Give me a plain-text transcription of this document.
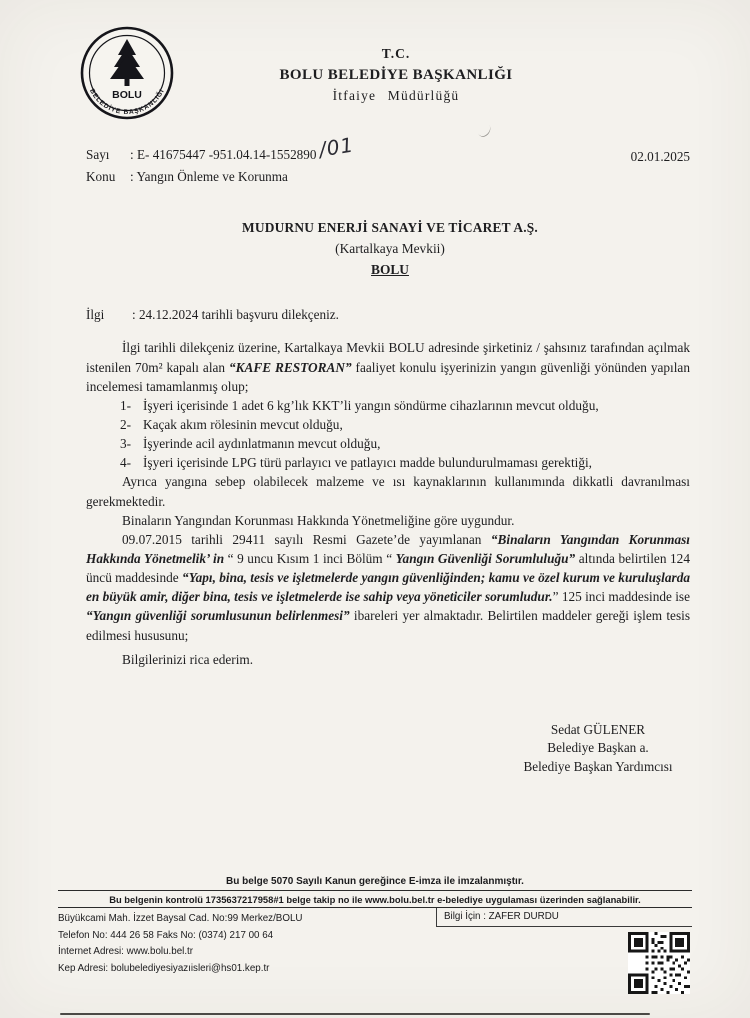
BOLU
BELEDİYE BAŞKANLIĞI
T.C.
BOLU BELEDİYE BAŞKANLIĞI
İtfaiye Müdürlüğü
02.01.2025
Sayı	: E- 41675447 -951.04.14-1552890 /01
Konu	: Yangın Önleme ve Korunma
MUDURNU ENERJİ SANAYİ VE TİCARET A.Ş.
(Kartalkaya Mevkii)
BOLU
İlgi	: 24.12.2024 tarihli başvuru dilekçeniz.

İlgi tarihli dilekçeniz üzerine, Kartalkaya Mevkii BOLU adresinde şirketiniz / şahsınız tarafından açılmak istenilen 70m² kapalı alan “KAFE RESTORAN” faaliyet konulu işyerinizin yangın güvenliği yönünden yapılan incelemesi tamamlanmış olup;

1- İşyeri içerisinde 1 adet 6 kg’lık KKT’li yangın söndürme cihazlarının mevcut olduğu,
2- Kaçak akım rölesinin mevcut olduğu,
3- İşyerinde acil aydınlatmanın mevcut olduğu,
4- İşyeri içerisinde LPG türü parlayıcı ve patlayıcı madde bulundurulmaması gerektiği,

Ayrıca yangına sebep olabilecek malzeme ve ısı kaynaklarının kullanımında dikkatli davranılması gerekmektedir.

Binaların Yangından Korunması Hakkında Yönetmeliğine göre uygundur.

09.07.2015 tarihli 29411 sayılı Resmi Gazete’de yayımlanan “Binaların Yangından Korunması Hakkında Yönetmelik’ in “ 9 uncu Kısım 1 inci Bölüm “ Yangın Güvenliği Sorumluluğu” altında belirtilen 124 üncü maddesinde “Yapı, bina, tesis ve işletmelerde yangın güvenliğinden; kamu ve özel kurum ve kuruluşlarda en büyük amir, diğer bina, tesis ve işletmelerde ise sahip veya yöneticiler sorumludur.” 125 inci maddesinde ise “Yangın güvenliği sorumlusunun belirlenmesi” ibareleri yer almaktadır. Belirtilen maddeler gereği işlem tesis edilmesi hususunu;

Bilgilerinizi rica ederim.

Sedat GÜLENER
Belediye Başkan a.
Belediye Başkan Yardımcısı
Bu belge 5070 Sayılı Kanun gereğince E-imza ile imzalanmıştır.
Bu belgenin kontrolü 1735637217958#1 belge takip no ile www.bolu.bel.tr e-belediye uygulaması üzerinden sağlanabilir.
Büyükcami Mah. İzzet Baysal Cad. No:99 Merkez/BOLU
Telefon No: 444 26 58 Faks No: (0374) 217 00 64
İnternet Adresi: www.bolu.bel.tr
Kep Adresi: bolubelediyesiyazıisleri@hs01.kep.tr
Bilgi İçin : ZAFER DURDU
